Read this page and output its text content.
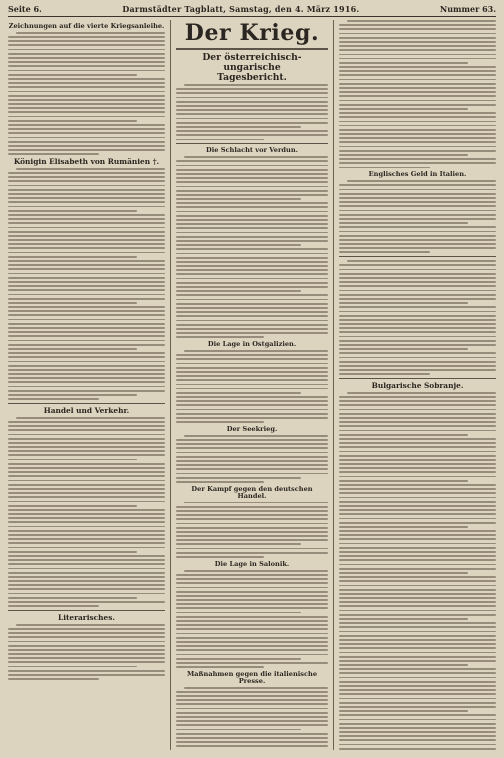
Seite 6.	Darmstädter Tagblatt, Samstag, den 4. März 1916.	Nummer 63.
Zeichnungen auf die vierte Kriegsanleihe.
Königin Elisabeth von Rumänien †.
Handel und Verkehr.
Literarisches.
Der Krieg.
Der österreichisch-ungarische
Tagesbericht.
Die Schlacht vor Verdun.
Die Lage in Ostgalizien.
Der Seekrieg.
Der Kampf gegen den deutschen Handel.
Die Lage in Salonik.
Maßnahmen gegen die italienische Presse.
Englisches Geld in Italien.
Bulgarische Sobranje.
